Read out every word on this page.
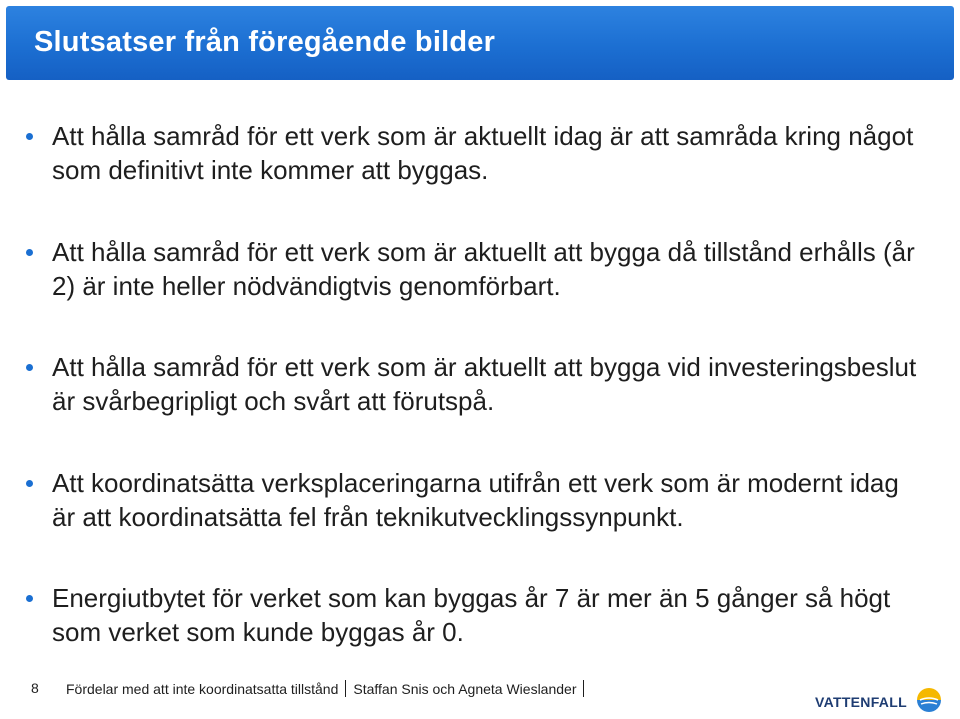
Slutsatser från föregående bilder
Att hålla samråd för ett verk som är aktuellt idag är att samråda kring något som definitivt inte kommer att byggas.
Att hålla samråd för ett verk som är aktuellt att bygga då tillstånd erhålls (år 2) är inte heller nödvändigtvis genomförbart.
Att hålla samråd för ett verk som är aktuellt att bygga vid investeringsbeslut är svårbegripligt och svårt att förutspå.
Att koordinatsätta verksplaceringarna utifrån ett verk som är modernt idag är att koordinatsätta fel från teknikutvecklingssynpunkt.
Energiutbytet för verket som kan byggas år 7 är mer än 5 gånger så högt som verket som kunde byggas år 0.
8 Fördelar med att inte koordinatsatta tillstånd Staffan Snis och Agneta Wieslander
VATTENFALL
